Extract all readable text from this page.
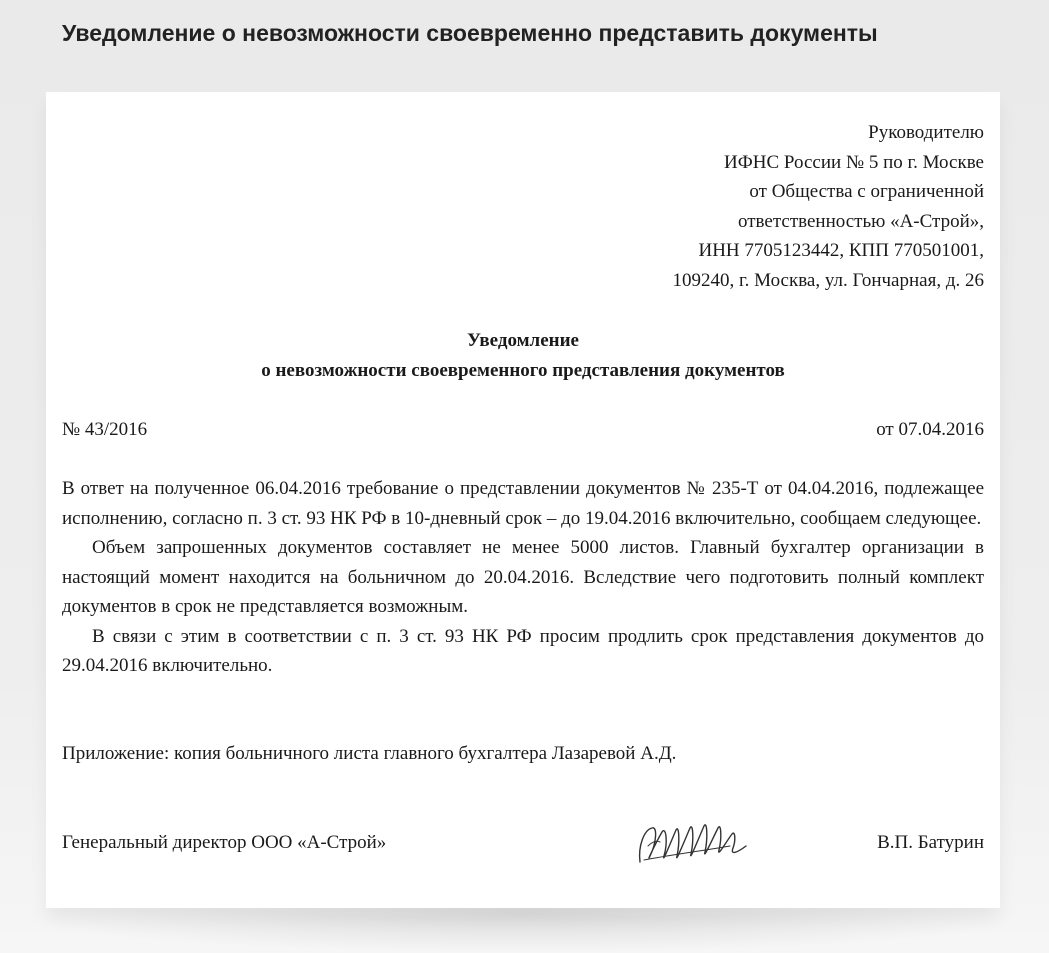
Уведомление о невозможности своевременно представить документы
Руководителю
ИФНС России № 5 по г. Москве
от Общества с ограниченной
ответственностью «А-Строй»,
ИНН 7705123442, КПП 770501001,
109240, г. Москва, ул. Гончарная, д. 26
Уведомление
о невозможности своевременного представления документов
№ 43/2016	от 07.04.2016

В ответ на полученное 06.04.2016 требование о представлении документов № 235-Т от 04.04.2016, подлежащее исполнению, согласно п. 3 ст. 93 НК РФ в 10-дневный срок – до 19.04.2016 включительно, сообщаем следующее.

Объем запрошенных документов составляет не менее 5000 листов. Главный бухгалтер организации в настоящий момент находится на больничном до 20.04.2016. Вследствие чего подготовить полный комплект документов в срок не представляется возможным.

В связи с этим в соответствии с п. 3 ст. 93 НК РФ просим продлить срок представления документов до 29.04.2016 включительно.

Приложение: копия больничного листа главного бухгалтера Лазаревой А.Д.
Генеральный директор ООО «А-Строй»	В.П. Батурин
